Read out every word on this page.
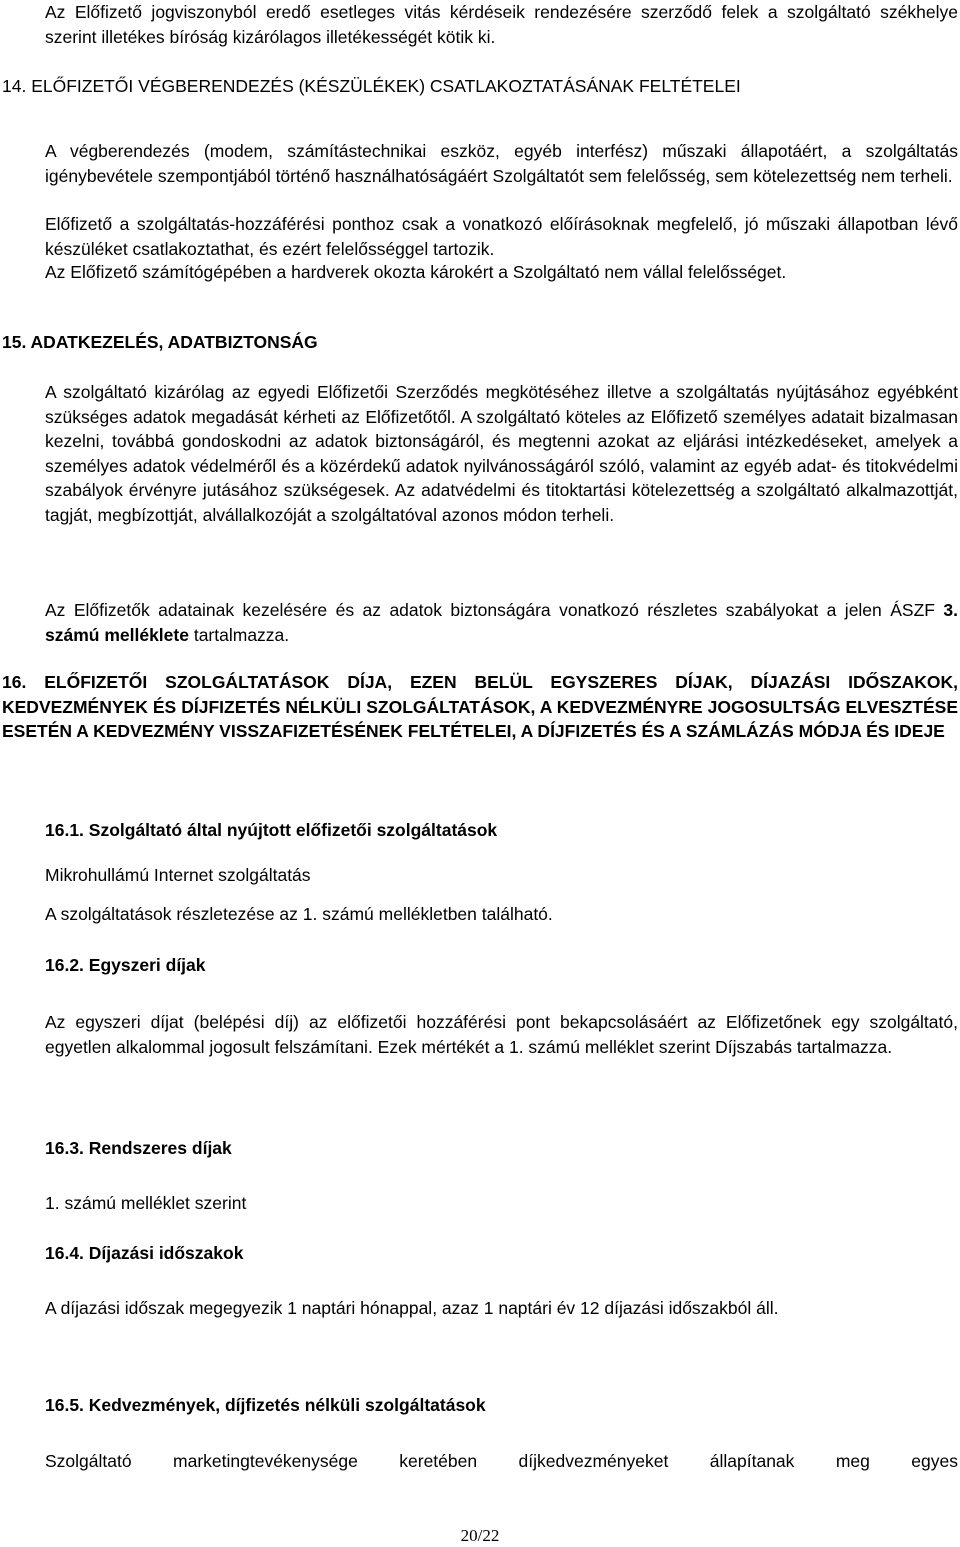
Az Előfizető jogviszonyból eredő esetleges vitás kérdéseik rendezésére szerződő felek a szolgáltató székhelye szerint illetékes bíróság kizárólagos illetékességét kötik ki.

14. ELŐFIZETŐI VÉGBERENDEZÉS (KÉSZÜLÉKEK) CSATLAKOZTATÁSÁNAK FELTÉTELEI

A végberendezés (modem, számítástechnikai eszköz, egyéb interfész) műszaki állapotáért, a szolgáltatás igénybevétele szempontjából történő használhatóságáért Szolgáltatót sem felelősség, sem kötelezettség nem terheli.

Előfizető a szolgáltatás-hozzáférési ponthoz csak a vonatkozó előírásoknak megfelelő, jó műszaki állapotban lévő készüléket csatlakoztathat, és ezért felelősséggel tartozik.

Az Előfizető számítógépében a hardverek okozta károkért a Szolgáltató nem vállal felelősséget.

15. ADATKEZELÉS, ADATBIZTONSÁG

A szolgáltató kizárólag az egyedi Előfizetői Szerződés megkötéséhez illetve a szolgáltatás nyújtásához egyébként szükséges adatok megadását kérheti az Előfizetőtől. A szolgáltató köteles az Előfizető személyes adatait bizalmasan kezelni, továbbá gondoskodni az adatok biztonságáról, és megtenni azokat az eljárási intézkedéseket, amelyek a személyes adatok védelméről és a közérdekű adatok nyilvánosságáról szóló, valamint az egyéb adat- és titokvédelmi szabályok érvényre jutásához szükségesek. Az adatvédelmi és titoktartási kötelezettség a szolgáltató alkalmazottját, tagját, megbízottját, alvállalkozóját a szolgáltatóval azonos módon terheli.

Az Előfizetők adatainak kezelésére és az adatok biztonságára vonatkozó részletes szabályokat a jelen ÁSZF 3. számú melléklete tartalmazza.

16. ELŐFIZETŐI SZOLGÁLTATÁSOK DÍJA, EZEN BELÜL EGYSZERES DÍJAK, DÍJAZÁSI IDŐSZAKOK, KEDVEZMÉNYEK ÉS DÍJFIZETÉS NÉLKÜLI SZOLGÁLTATÁSOK, A KEDVEZMÉNYRE JOGOSULTSÁG ELVESZTÉSE ESETÉN A KEDVEZMÉNY VISSZAFIZETÉSÉNEK FELTÉTELEI, A DÍJFIZETÉS ÉS A SZÁMLÁZÁS MÓDJA ÉS IDEJE
16.1. Szolgáltató által nyújtott előfizetői szolgáltatások

Mikrohullámú Internet szolgáltatás

A szolgáltatások részletezése az 1. számú mellékletben található.

16.2. Egyszeri díjak

Az egyszeri díjat (belépési díj) az előfizetői hozzáférési pont bekapcsolásáért az Előfizetőnek egy szolgáltató, egyetlen alkalommal jogosult felszámítani. Ezek mértékét a 1. számú melléklet szerint Díjszabás tartalmazza.

16.3. Rendszeres díjak

1. számú melléklet szerint

16.4. Díjazási időszakok

A díjazási időszak megegyezik 1 naptári hónappal, azaz 1 naptári év 12 díjazási időszakból áll.

16.5. Kedvezmények, díjfizetés nélküli szolgáltatások

Szolgáltató marketingtevékenysége keretében díjkedvezményeket állapítanak meg egyes

20/22
